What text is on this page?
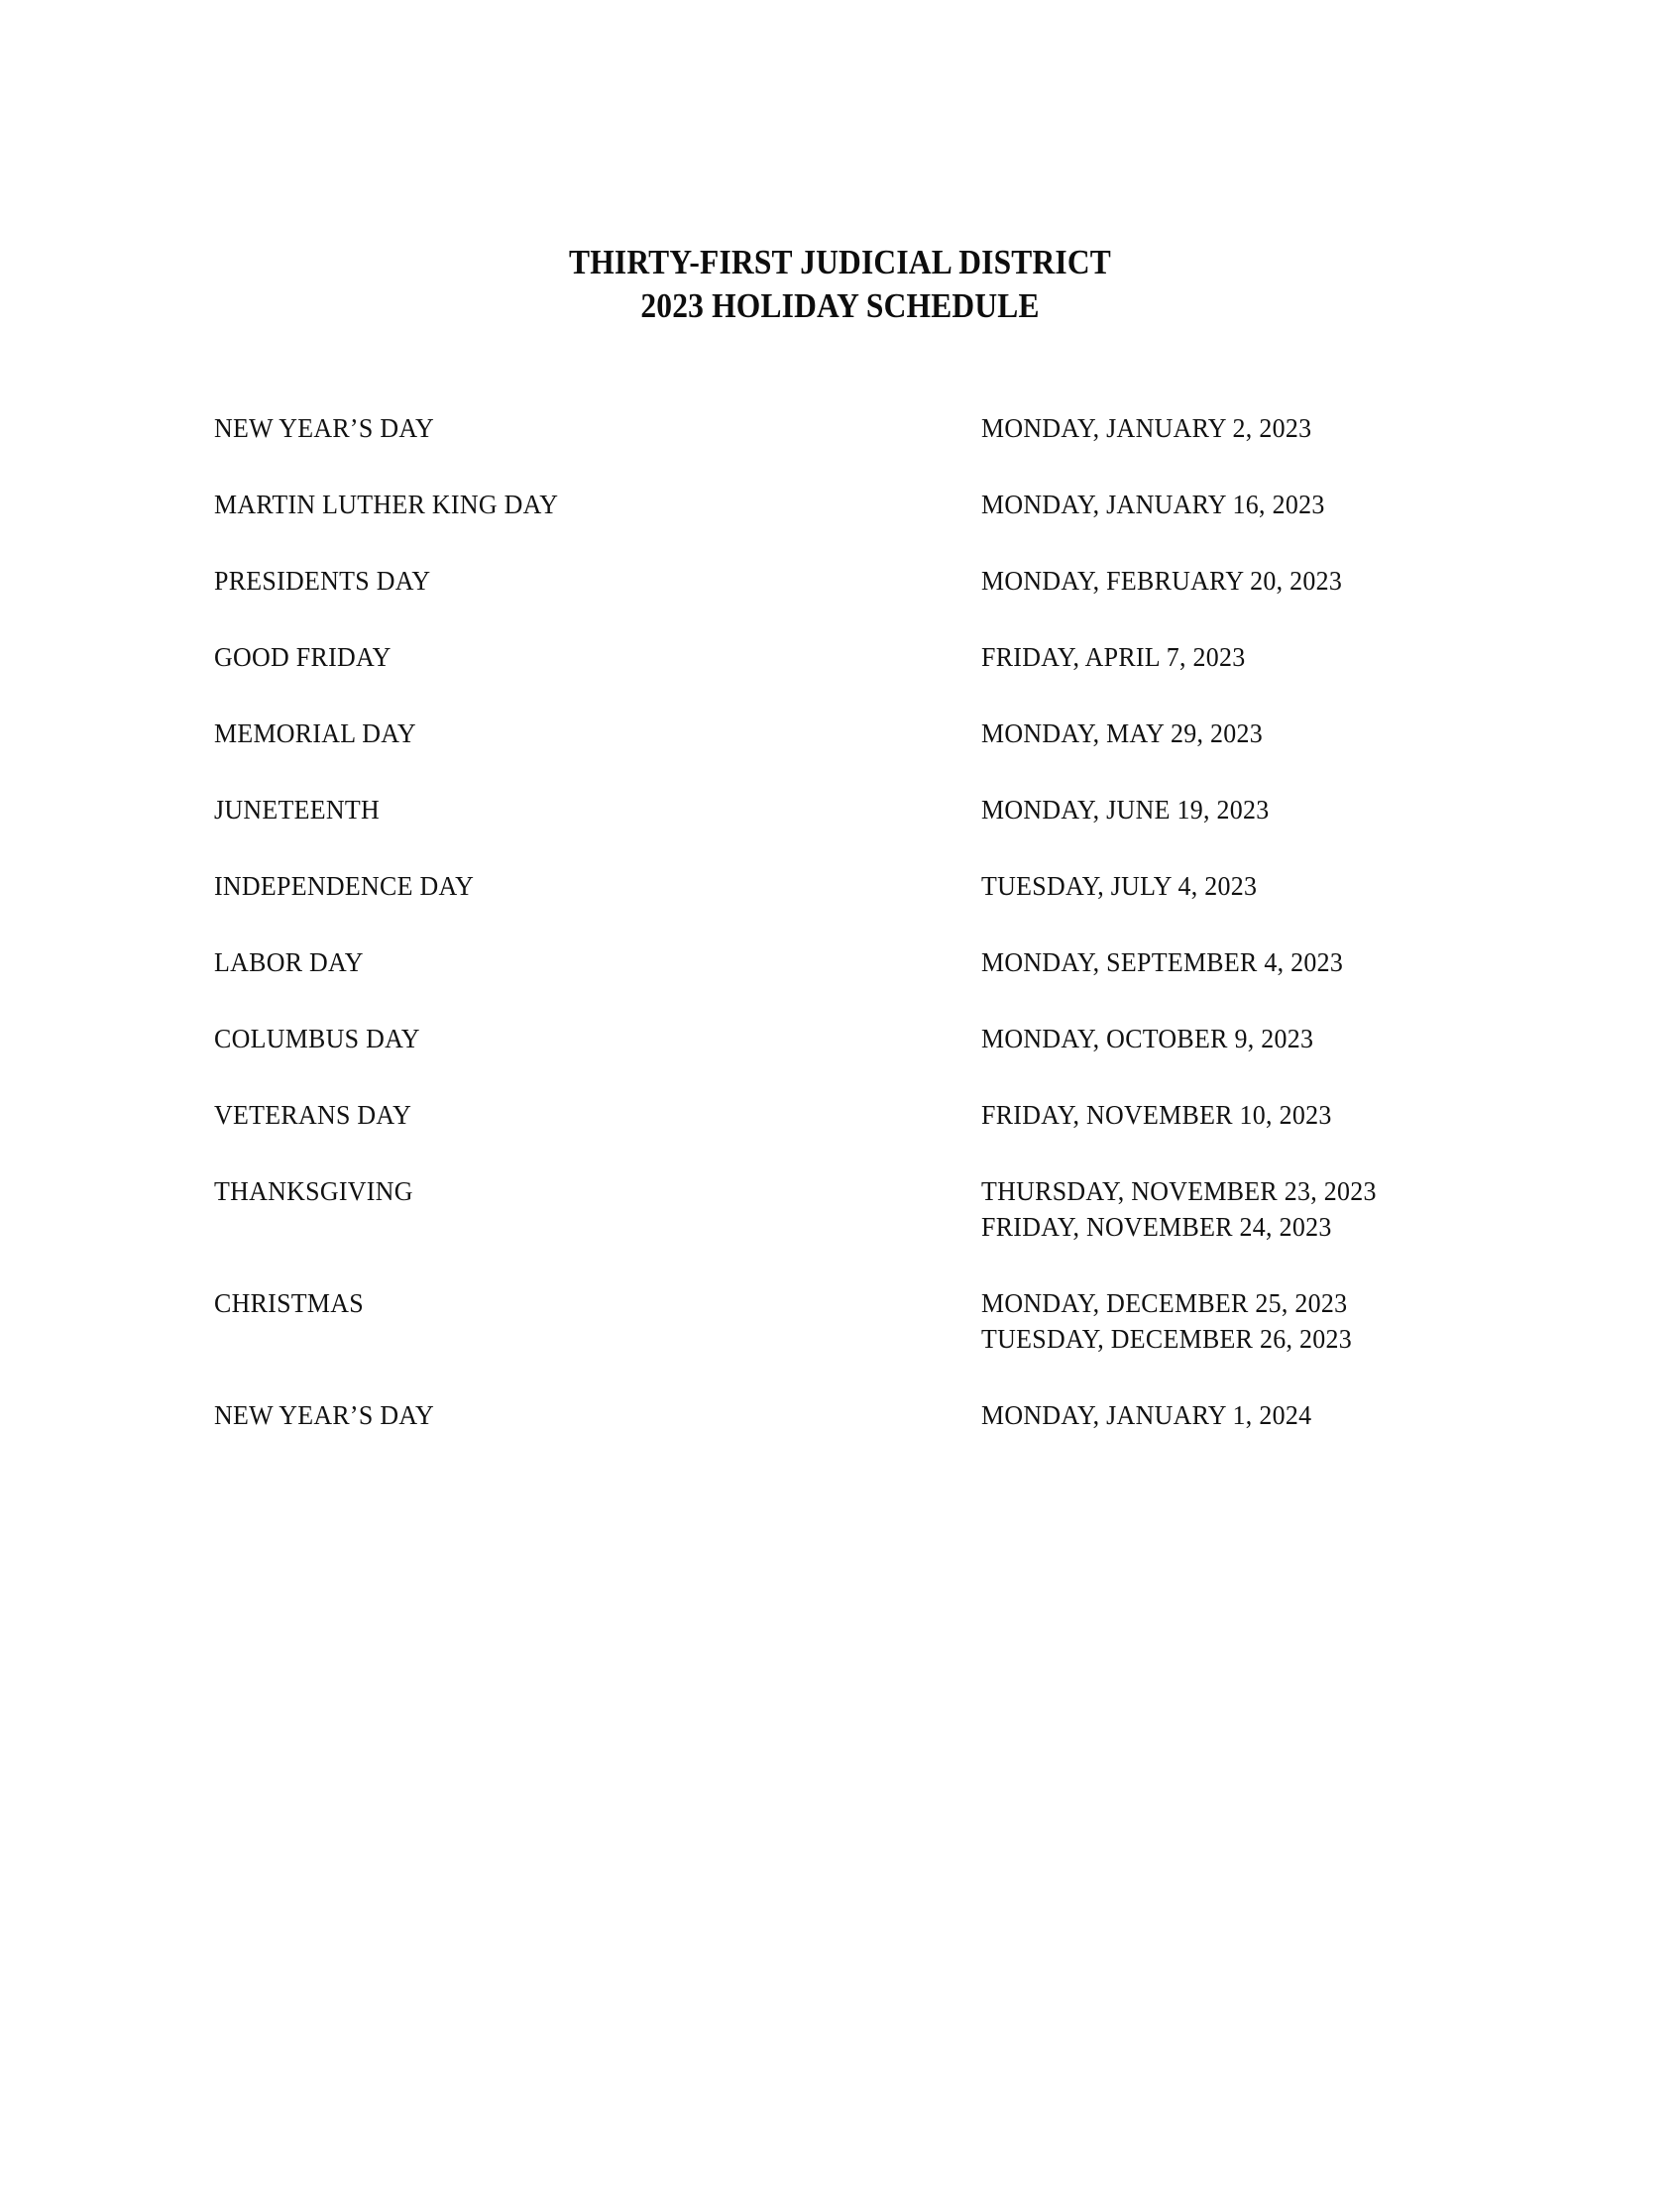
THIRTY-FIRST JUDICIAL DISTRICT
2023 HOLIDAY SCHEDULE
NEW YEAR’S DAY	MONDAY, JANUARY 2, 2023
MARTIN LUTHER KING DAY	MONDAY, JANUARY 16, 2023
PRESIDENTS DAY	MONDAY, FEBRUARY 20, 2023
GOOD FRIDAY	FRIDAY, APRIL 7, 2023
MEMORIAL DAY	MONDAY, MAY 29, 2023
JUNETEENTH	MONDAY, JUNE 19, 2023
INDEPENDENCE DAY	TUESDAY, JULY 4, 2023
LABOR DAY	MONDAY, SEPTEMBER 4, 2023
COLUMBUS DAY	MONDAY, OCTOBER 9, 2023
VETERANS DAY	FRIDAY, NOVEMBER 10, 2023
THANKSGIVING	THURSDAY, NOVEMBER 23, 2023
FRIDAY, NOVEMBER 24, 2023
CHRISTMAS	MONDAY, DECEMBER 25, 2023
TUESDAY, DECEMBER 26, 2023
NEW YEAR’S DAY	MONDAY, JANUARY 1, 2024
